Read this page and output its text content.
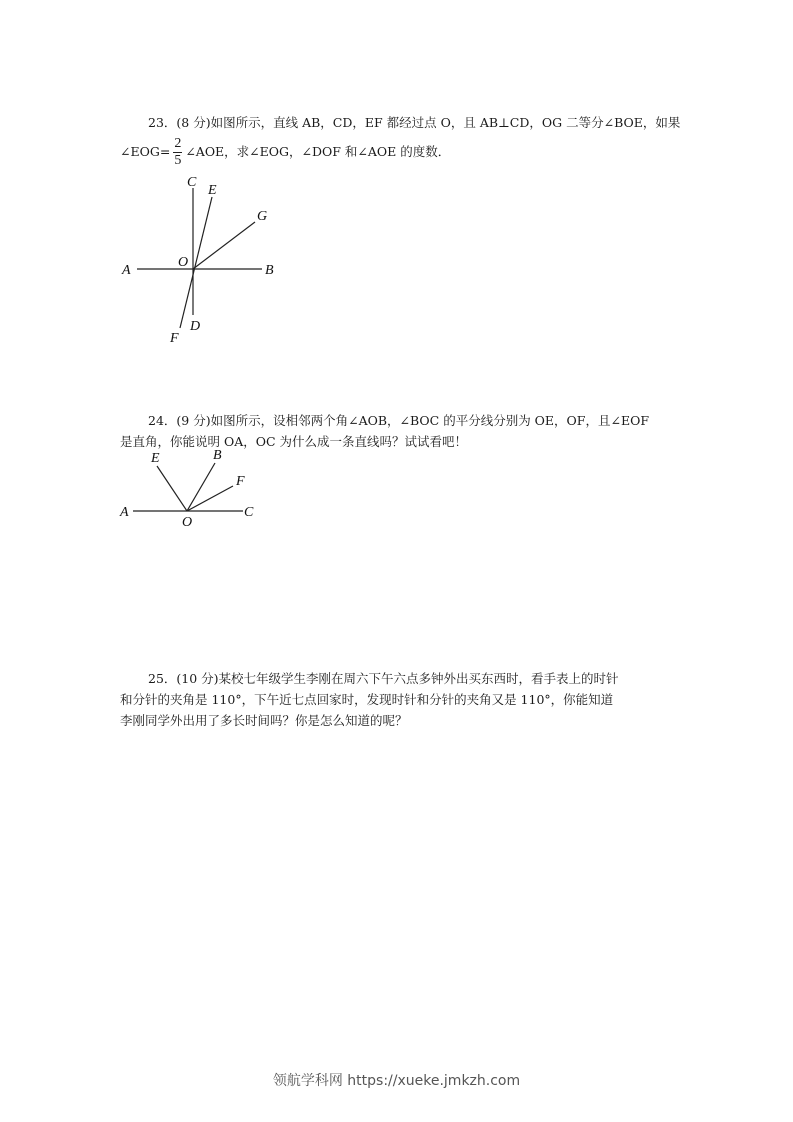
23．(8 分)如图所示，直线 AB，CD，EF 都经过点 O，且 AB⊥CD，OG 二等分∠BOE，如果
∠EOG= $\frac{2}{5}$ ∠AOE，求∠EOG，∠DOF 和∠AOE 的度数．
A	B
C
D
E
F
G
O
A	C
E	B
F
O
24．(9 分)如图所示，设相邻两个角∠AOB，∠BOC 的平分线分别为 OE，OF，且∠EOF
是直角，你能说明 OA，OC 为什么成一条直线吗？试试看吧！
25．(10 分)某校七年级学生李刚在周六下午六点多钟外出买东西时，看手表上的时针
和分针的夹角是 110°，下午近七点回家时，发现时针和分针的夹角又是 110°，你能知道
李刚同学外出用了多长时间吗？你是怎么知道的呢？
领航学科网 https://xueke.jmkzh.com
